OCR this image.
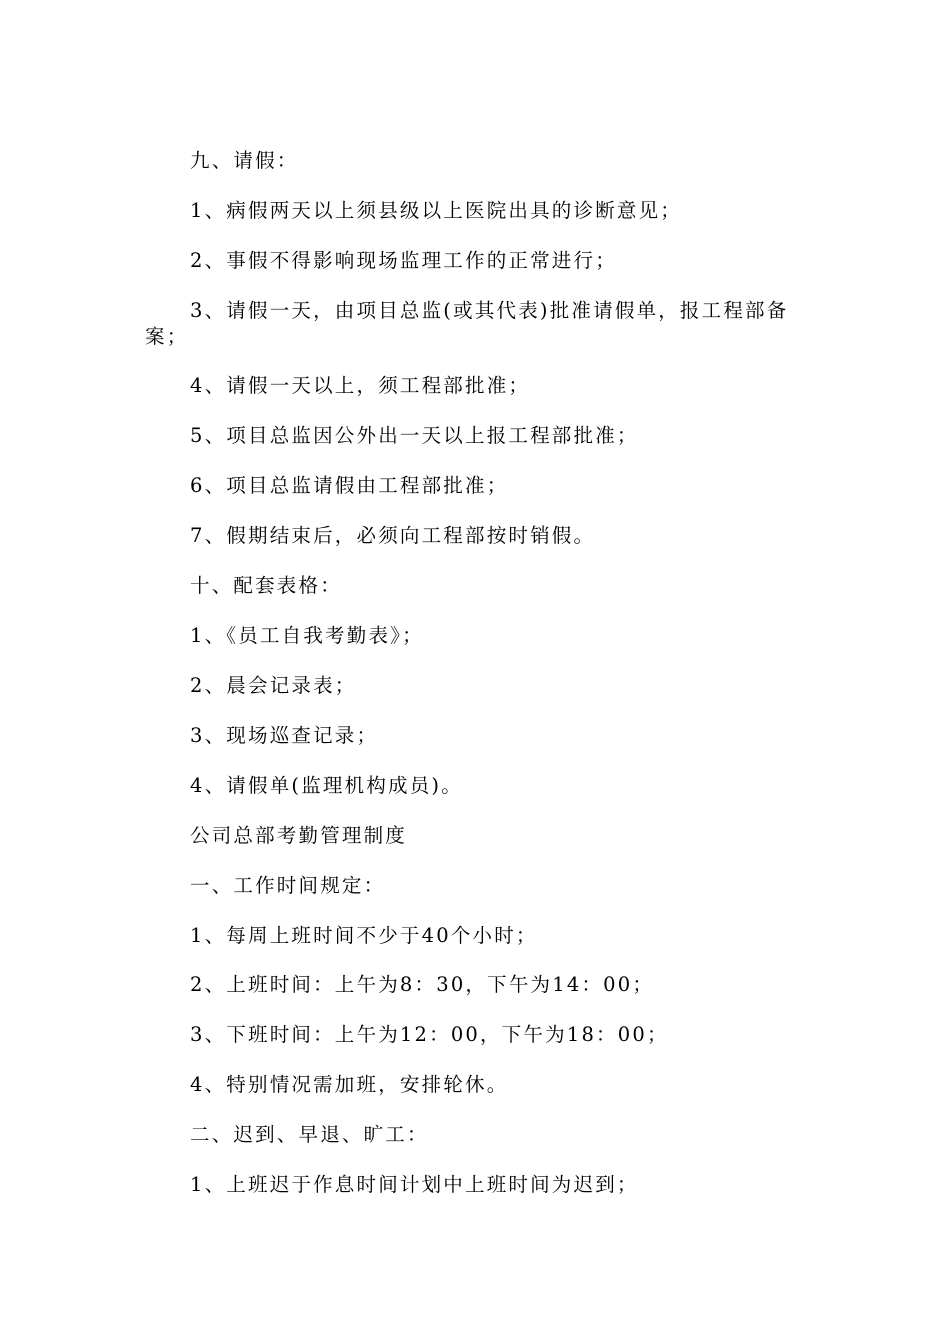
九、请假：

1、病假两天以上须县级以上医院出具的诊断意见；

2、事假不得影响现场监理工作的正常进行；

3、请假一天，由项目总监(或其代表)批准请假单，报工程部备案；

4、请假一天以上，须工程部批准；

5、项目总监因公外出一天以上报工程部批准；

6、项目总监请假由工程部批准；

7、假期结束后，必须向工程部按时销假。

十、配套表格：

1、《员工自我考勤表》；

2、晨会记录表；

3、现场巡查记录；

4、请假单(监理机构成员)。

公司总部考勤管理制度

一、工作时间规定：

1、每周上班时间不少于40个小时；

2、上班时间：上午为8：30，下午为14：00；

3、下班时间：上午为12：00，下午为18：00；

4、特别情况需加班，安排轮休。

二、迟到、早退、旷工：

1、上班迟于作息时间计划中上班时间为迟到；
